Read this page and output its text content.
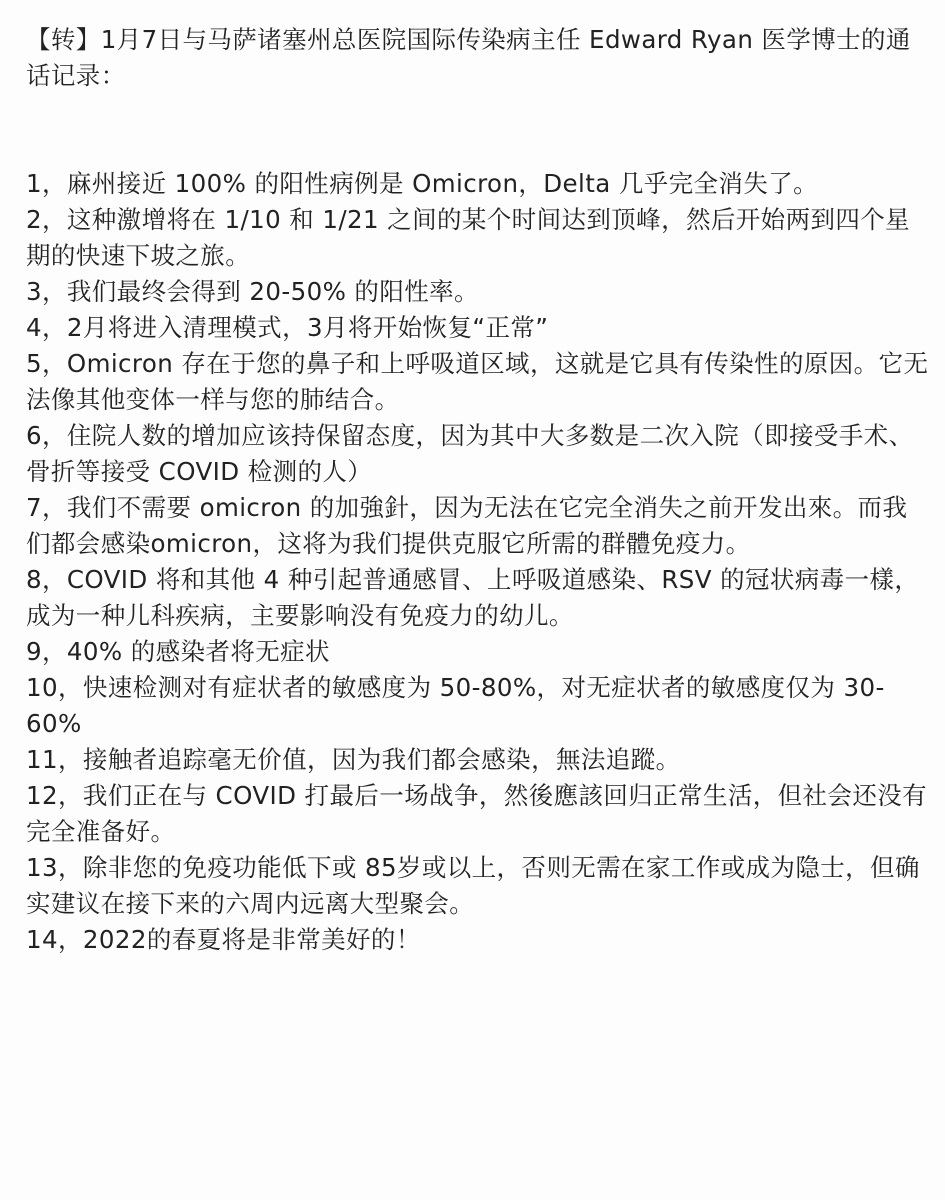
【转】1月7日与马萨诸塞州总医院国际传染病主任 Edward Ryan 医学博士的通话记录：

1，麻州接近 100% 的阳性病例是 Omicron，Delta 几乎完全消失了。
2，这种激增将在 1/10 和 1/21 之间的某个时间达到顶峰，然后开始两到四个星期的快速下坡之旅。
3，我们最终会得到 20-50% 的阳性率。
4，2月将进入清理模式，3月将开始恢复“正常”
5，Omicron 存在于您的鼻子和上呼吸道区域，这就是它具有传染性的原因。它无法像其他变体一样与您的肺结合。
6，住院人数的增加应该持保留态度，因为其中大多数是二次入院（即接受手术、骨折等接受 COVID 检测的人）
7，我们不需要 omicron 的加強針，因为无法在它完全消失之前开发出來。而我们都会感染omicron，这将为我们提供克服它所需的群體免疫力。
8，COVID 将和其他 4 种引起普通感冒、上呼吸道感染、RSV 的冠状病毒一樣，成为一种儿科疾病，主要影响没有免疫力的幼儿。
9，40% 的感染者将无症状
10，快速检测对有症状者的敏感度为 50-80%，对无症状者的敏感度仅为 30-60%
11，接触者追踪毫无价值，因为我们都会感染，無法追蹤。
12，我们正在与 COVID 打最后一场战争，然後應該回归正常生活，但社会还没有完全准备好。
13，除非您的免疫功能低下或 85岁或以上，否则无需在家工作或成为隐士，但确实建议在接下来的六周内远离大型聚会。
14，2022的春夏将是非常美好的！
